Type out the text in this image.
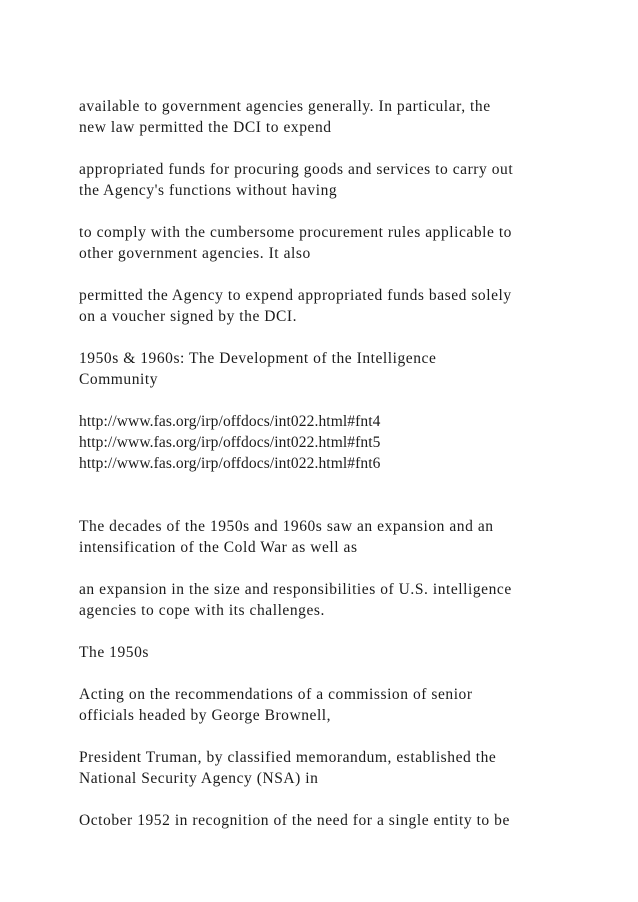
available to government agencies generally. In particular, the
new law permitted the DCI to expend

appropriated funds for procuring goods and services to carry out
the Agency's functions without having

to comply with the cumbersome procurement rules applicable to
other government agencies. It also

permitted the Agency to expend appropriated funds based solely
on a voucher signed by the DCI.

1950s & 1960s: The Development of the Intelligence
Community

http://www.fas.org/irp/offdocs/int022.html#fnt4
http://www.fas.org/irp/offdocs/int022.html#fnt5
http://www.fas.org/irp/offdocs/int022.html#fnt6

The decades of the 1950s and 1960s saw an expansion and an
intensification of the Cold War as well as

an expansion in the size and responsibilities of U.S. intelligence
agencies to cope with its challenges.

The 1950s

Acting on the recommendations of a commission of senior
officials headed by George Brownell,

President Truman, by classified memorandum, established the
National Security Agency (NSA) in

October 1952 in recognition of the need for a single entity to be
